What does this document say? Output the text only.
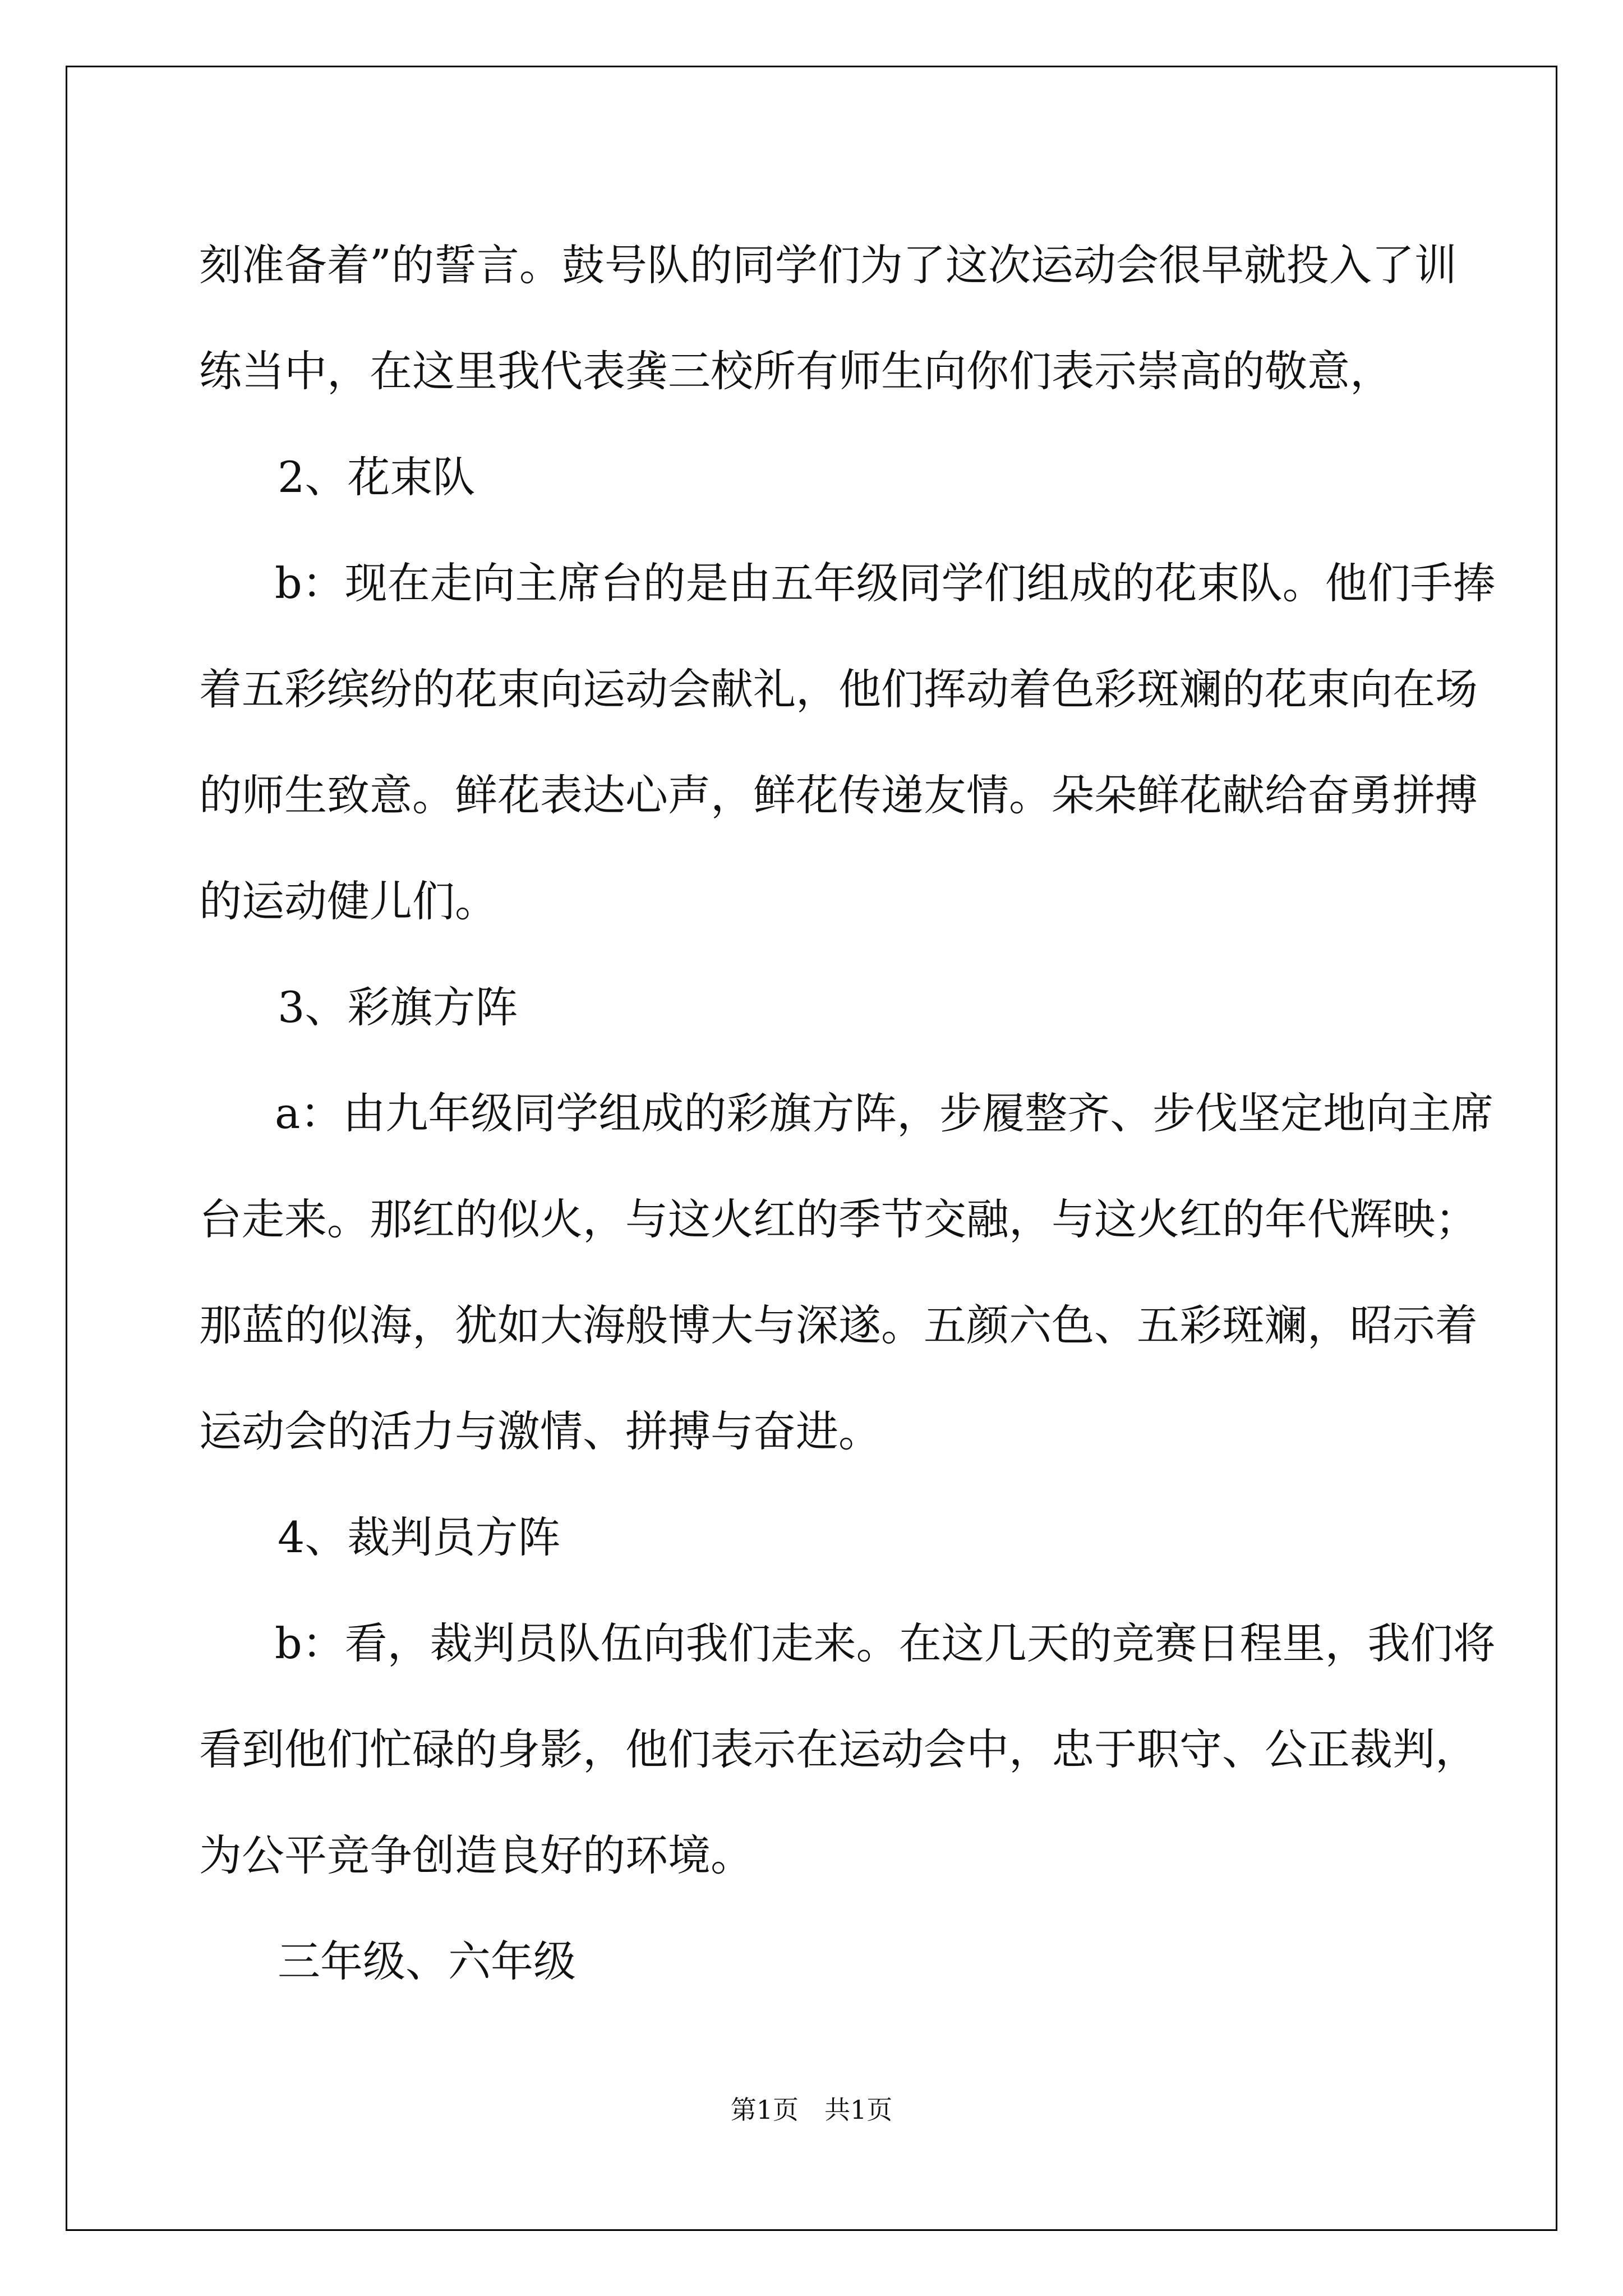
刻准备着”的誓言。鼓号队的同学们为了这次运动会很早就投入了训

练当中，在这里我代表龚三校所有师生向你们表示崇高的敬意，

2、花束队

b：现在走向主席台的是由五年级同学们组成的花束队。他们手捧

着五彩缤纷的花束向运动会献礼，他们挥动着色彩斑斓的花束向在场

的师生致意。鲜花表达心声，鲜花传递友情。朵朵鲜花献给奋勇拼搏

的运动健儿们。

3、彩旗方阵

a：由九年级同学组成的彩旗方阵，步履整齐、步伐坚定地向主席

台走来。那红的似火，与这火红的季节交融，与这火红的年代辉映；

那蓝的似海，犹如大海般博大与深遂。五颜六色、五彩斑斓，昭示着

运动会的活力与激情、拼搏与奋进。

4、裁判员方阵

b：看，裁判员队伍向我们走来。在这几天的竞赛日程里，我们将

看到他们忙碌的身影，他们表示在运动会中，忠于职守、公正裁判，

为公平竞争创造良好的环境。

三年级、六年级

第1页　共1页
